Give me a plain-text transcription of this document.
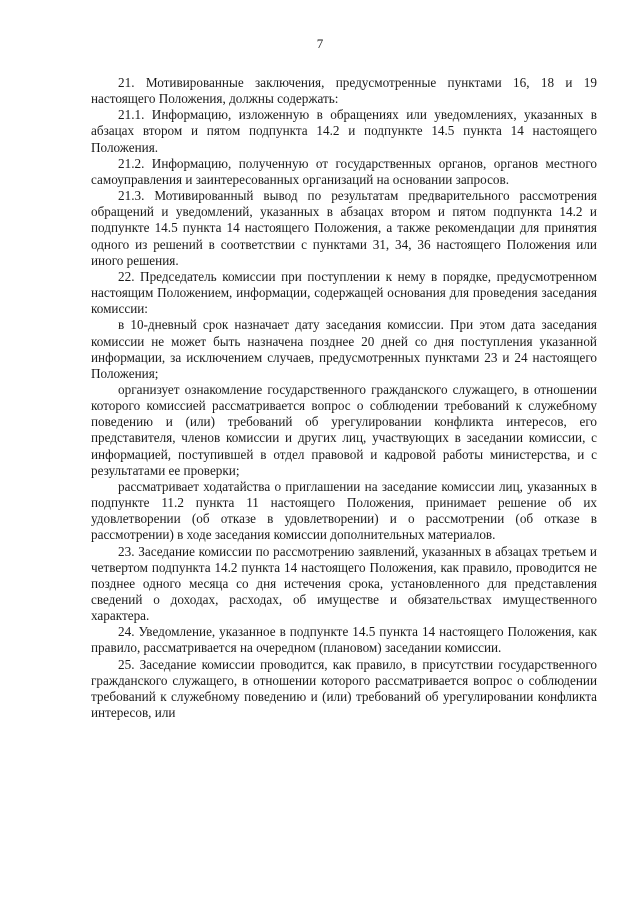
7

21. Мотивированные заключения, предусмотренные пунктами 16, 18 и 19 настоящего Положения, должны содержать:

21.1. Информацию, изложенную в обращениях или уведомлениях, указанных в абзацах втором и пятом подпункта 14.2 и подпункте 14.5 пункта 14 настоящего Положения.

21.2. Информацию, полученную от государственных органов, органов местного самоуправления и заинтересованных организаций на основании запросов.

21.3. Мотивированный вывод по результатам предварительного рассмотрения обращений и уведомлений, указанных в абзацах втором и пятом подпункта 14.2 и подпункте 14.5 пункта 14 настоящего Положения, а также рекомендации для принятия одного из решений в соответствии с пунктами 31, 34, 36 настоящего Положения или иного решения.

22. Председатель комиссии при поступлении к нему в порядке, предусмотренном настоящим Положением, информации, содержащей основания для проведения заседания комиссии:

в 10-дневный срок назначает дату заседания комиссии. При этом дата заседания комиссии не может быть назначена позднее 20 дней со дня поступления указанной информации, за исключением случаев, предусмотренных пунктами 23 и 24 настоящего Положения;

организует ознакомление государственного гражданского служащего, в отношении которого комиссией рассматривается вопрос о соблюдении требований к служебному поведению и (или) требований об урегулировании конфликта интересов, его представителя, членов комиссии и других лиц, участвующих в заседании комиссии, с информацией, поступившей в отдел правовой и кадровой работы министерства, и с результатами ее проверки;

рассматривает ходатайства о приглашении на заседание комиссии лиц, указанных в подпункте 11.2 пункта 11 настоящего Положения, принимает решение об их удовлетворении (об отказе в удовлетворении) и о рассмотрении (об отказе в рассмотрении) в ходе заседания комиссии дополнительных материалов.

23. Заседание комиссии по рассмотрению заявлений, указанных в абзацах третьем и четвертом подпункта 14.2 пункта 14 настоящего Положения, как правило, проводится не позднее одного месяца со дня истечения срока, установленного для представления сведений о доходах, расходах, об имуществе и обязательствах имущественного характера.

24. Уведомление, указанное в подпункте 14.5 пункта 14 настоящего Положения, как правило, рассматривается на очередном (плановом) заседании комиссии.

25. Заседание комиссии проводится, как правило, в присутствии государственного гражданского служащего, в отношении которого рассматривается вопрос о соблюдении требований к служебному поведению и (или) требований об урегулировании конфликта интересов, или
